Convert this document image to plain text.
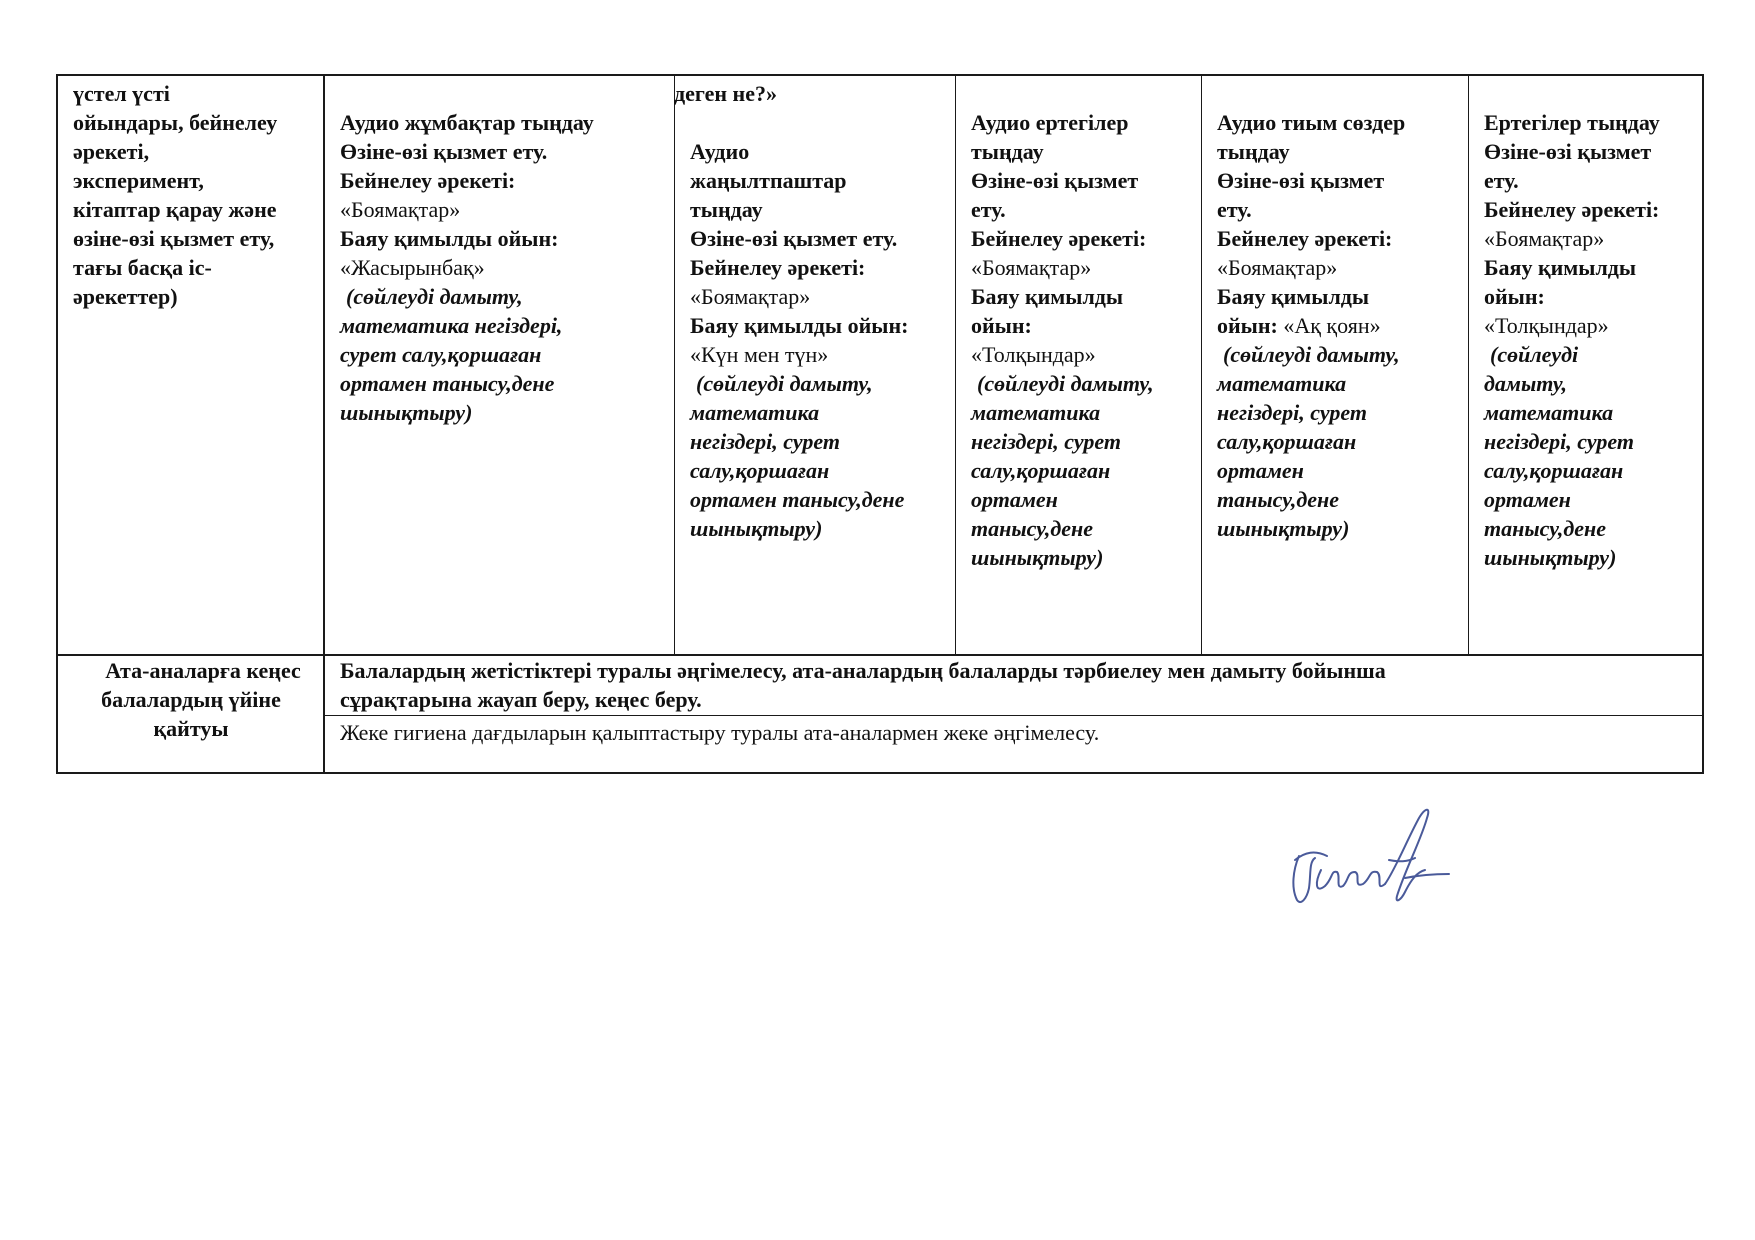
үстел үсті
ойындары, бейнелеу
әрекеті,
эксперимент,
кітаптар қарау және
өзіне-өзі қызмет ету,
тағы басқа іс-
әрекеттер)
Аудио жұмбақтар тыңдау
Өзіне-өзі қызмет ету.
Бейнелеу әрекеті:
«Боямақтар»
Баяу қимылды ойын:
«Жасырынбақ»
(сөйлеуді дамыту,
математика негіздері,
сурет салу,қоршаған
ортамен танысу,дене
шынықтыру)
деген не?»
Аудио
жаңылтпаштар
тыңдау
Өзіне-өзі қызмет ету.
Бейнелеу әрекеті:
«Боямақтар»
Баяу қимылды ойын:
«Күн мен түн»
(сөйлеуді дамыту,
математика
негіздері, сурет
салу,қоршаған
ортамен танысу,дене
шынықтыру)
Аудио ертегілер
тыңдау
Өзіне-өзі қызмет
ету.
Бейнелеу әрекеті:
«Боямақтар»
Баяу қимылды
ойын:
«Толқындар»
(сөйлеуді дамыту,
математика
негіздері, сурет
салу,қоршаған
ортамен
танысу,дене
шынықтыру)
Аудио тиым сөздер
тыңдау
Өзіне-өзі қызмет
ету.
Бейнелеу әрекеті:
«Боямақтар»
Баяу қимылды
ойын: «Ақ қоян»
(сөйлеуді дамыту,
математика
негіздері, сурет
салу,қоршаған
ортамен
танысу,дене
шынықтыру)
Ертегілер тыңдау
Өзіне-өзі қызмет
ету.
Бейнелеу әрекеті:
«Боямақтар»
Баяу қимылды
ойын:
«Толқындар»
(сөйлеуді
дамыту,
математика
негіздері, сурет
салу,қоршаған
ортамен
танысу,дене
шынықтыру)
Ата-аналарға кеңес
балалардың үйіне
қайтуы
Балалардың жетістіктері туралы әңгімелесу, ата-аналардың балаларды тәрбиелеу мен дамыту бойынша
сұрақтарына жауап беру, кеңес беру.
Жеке гигиена дағдыларын қалыптастыру туралы ата-аналармен жеке әңгімелесу.
